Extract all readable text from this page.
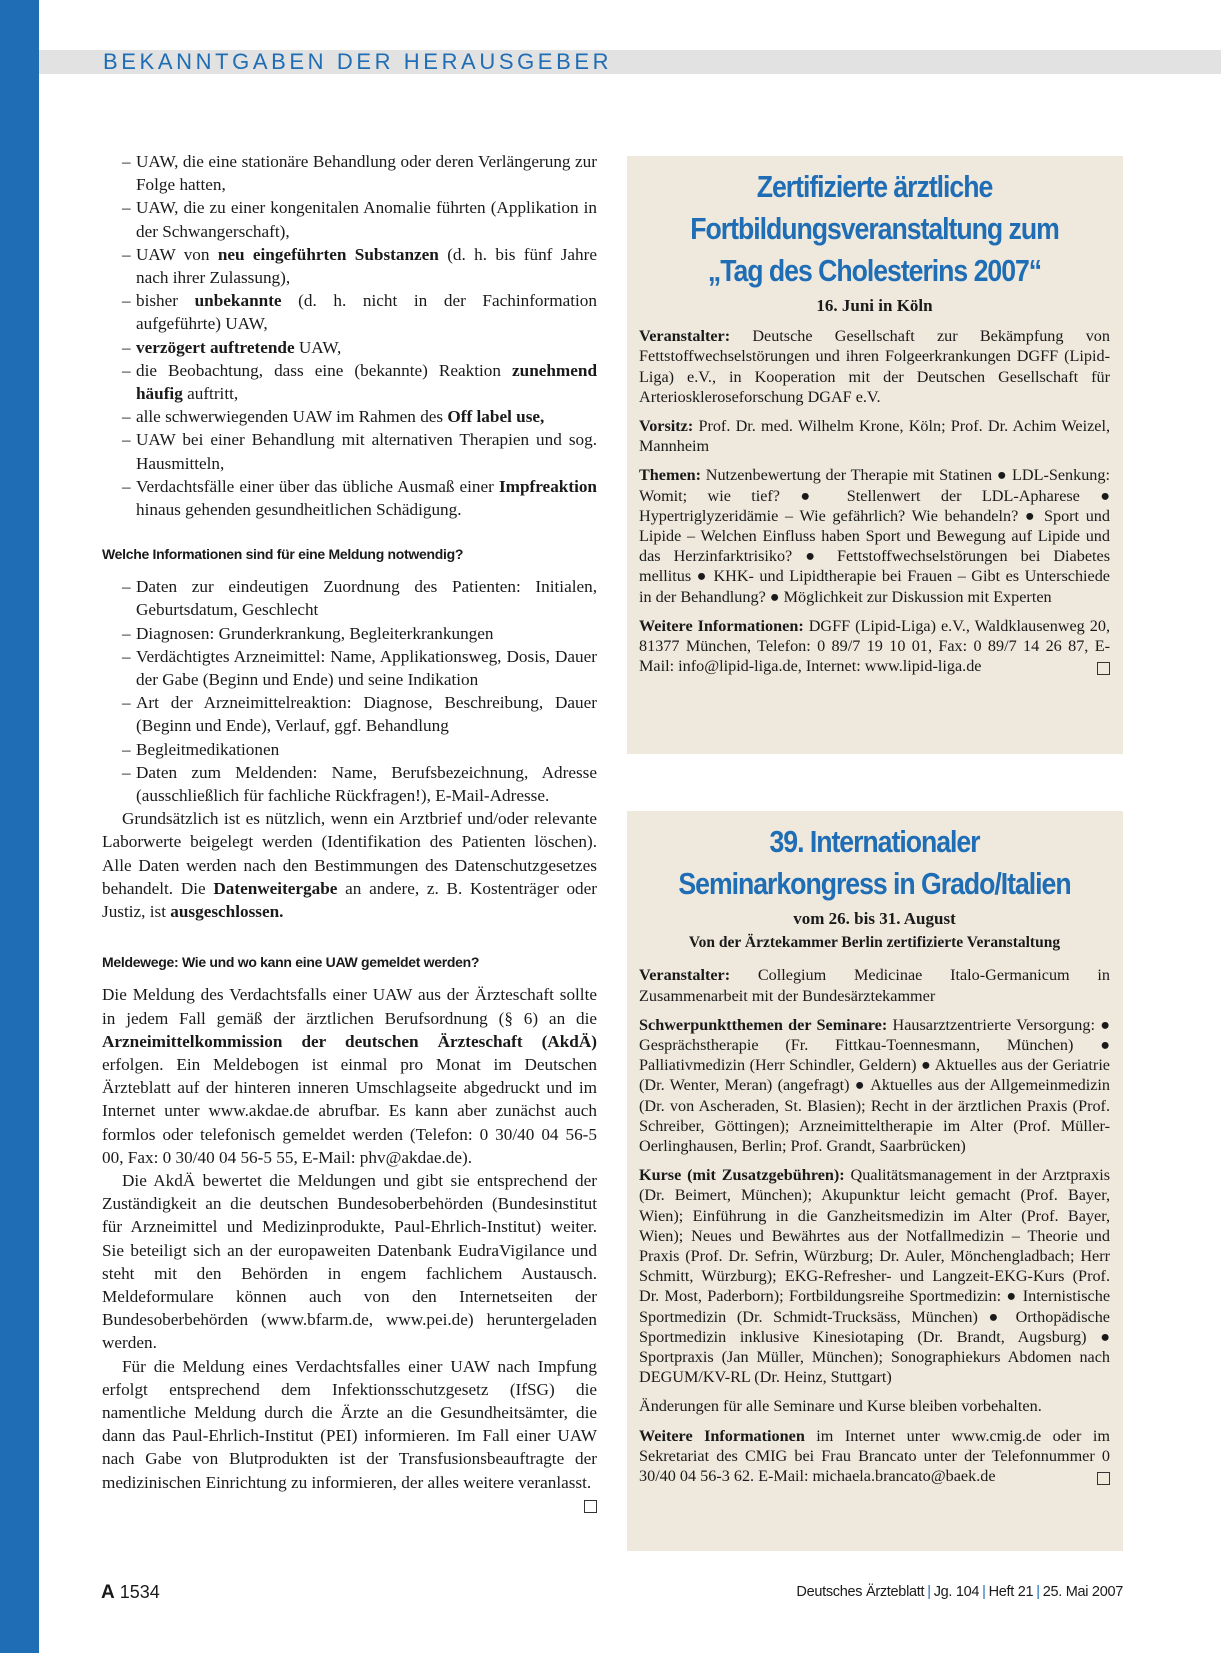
BEKANNTGABEN DER HERAUSGEBER
– UAW, die eine stationäre Behandlung oder deren Verlängerung zur Folge hatten,
– UAW, die zu einer kongenitalen Anomalie führten (Applikation in der Schwangerschaft),
– UAW von neu eingeführten Substanzen (d. h. bis fünf Jahre nach ihrer Zulassung),
– bisher unbekannte (d. h. nicht in der Fachinformation aufgeführte) UAW,
– verzögert auftretende UAW,
– die Beobachtung, dass eine (bekannte) Reaktion zunehmend häufig auftritt,
– alle schwerwiegenden UAW im Rahmen des Off label use,
– UAW bei einer Behandlung mit alternativen Therapien und sog. Hausmitteln,
– Verdachtsfälle einer über das übliche Ausmaß einer Impfreaktion hinaus gehenden gesundheitlichen Schädigung.
Welche Informationen sind für eine Meldung notwendig?
– Daten zur eindeutigen Zuordnung des Patienten: Initialen, Geburtsdatum, Geschlecht
– Diagnosen: Grunderkrankung, Begleiterkrankungen
– Verdächtigtes Arzneimittel: Name, Applikationsweg, Dosis, Dauer der Gabe (Beginn und Ende) und seine Indikation
– Art der Arzneimittelreaktion: Diagnose, Beschreibung, Dauer (Beginn und Ende), Verlauf, ggf. Behandlung
– Begleitmedikationen
– Daten zum Meldenden: Name, Berufsbezeichnung, Adresse (ausschließlich für fachliche Rückfragen!), E-Mail-Adresse.

Grundsätzlich ist es nützlich, wenn ein Arztbrief und/oder relevante Laborwerte beigelegt werden (Identifikation des Patienten löschen). Alle Daten werden nach den Bestimmungen des Datenschutzgesetzes behandelt. Die Datenweitergabe an andere, z. B. Kostenträger oder Justiz, ist ausgeschlossen.

Meldewege: Wie und wo kann eine UAW gemeldet werden?

Die Meldung des Verdachtsfalls einer UAW aus der Ärzteschaft sollte in jedem Fall gemäß der ärztlichen Berufsordnung (§ 6) an die Arzneimittelkommission der deutschen Ärzteschaft (AkdÄ) erfolgen. Ein Meldebogen ist einmal pro Monat im Deutschen Ärzteblatt auf der hinteren inneren Umschlagseite abgedruckt und im Internet unter www.akdae.de abrufbar. Es kann aber zunächst auch formlos oder telefonisch gemeldet werden (Telefon: 0 30/40 04 56-5 00, Fax: 0 30/40 04 56-5 55, E-Mail: phv@akdae.de).

Die AkdÄ bewertet die Meldungen und gibt sie entsprechend der Zuständigkeit an die deutschen Bundesoberbehörden (Bundesinstitut für Arzneimittel und Medizinprodukte, Paul-Ehrlich-Institut) weiter. Sie beteiligt sich an der europaweiten Datenbank EudraVigilance und steht mit den Behörden in engem fachlichem Austausch. Meldeformulare können auch von den Internetseiten der Bundesoberbehörden (www.bfarm.de, www.pei.de) heruntergeladen werden.

Für die Meldung eines Verdachtsfalles einer UAW nach Impfung erfolgt entsprechend dem Infektionsschutzgesetz (IfSG) die namentliche Meldung durch die Ärzte an die Gesundheitsämter, die dann das Paul-Ehrlich-Institut (PEI) informieren. Im Fall einer UAW nach Gabe von Blutprodukten ist der Transfusionsbeauftragte der medizinischen Einrichtung zu informieren, der alles weitere veranlasst.

Zertifizierte ärztliche Fortbildungsveranstaltung zum „Tag des Cholesterins 2007“
16. Juni in Köln

Veranstalter: Deutsche Gesellschaft zur Bekämpfung von Fettstoffwechselstörungen und ihren Folgeerkrankungen DGFF (Lipid-Liga) e.V., in Kooperation mit der Deutschen Gesellschaft für Arterioskleroseforschung DGAF e.V.

Vorsitz: Prof. Dr. med. Wilhelm Krone, Köln; Prof. Dr. Achim Weizel, Mannheim

Themen: Nutzenbewertung der Therapie mit Statinen ● LDL-Senkung: Womit; wie tief? ● Stellenwert der LDL-Apharese ● Hypertriglyzeridämie – Wie gefährlich? Wie behandeln? ● Sport und Lipide – Welchen Einfluss haben Sport und Bewegung auf Lipide und das Herzinfarktrisiko? ● Fettstoffwechselstörungen bei Diabetes mellitus ● KHK- und Lipidtherapie bei Frauen – Gibt es Unterschiede in der Behandlung? ● Möglichkeit zur Diskussion mit Experten

Weitere Informationen: DGFF (Lipid-Liga) e.V., Waldklausenweg 20, 81377 München, Telefon: 0 89/7 19 10 01, Fax: 0 89/7 14 26 87, E-Mail: info@lipid-liga.de, Internet: www.lipid-liga.de

39. Internationaler Seminarkongress in Grado/Italien
vom 26. bis 31. August
Von der Ärztekammer Berlin zertifizierte Veranstaltung

Veranstalter: Collegium Medicinae Italo-Germanicum in Zusammenarbeit mit der Bundesärztekammer

Schwerpunktthemen der Seminare: Hausarztzentrierte Versorgung: ● Gesprächstherapie (Fr. Fittkau-Toennesmann, München) ● Palliativmedizin (Herr Schindler, Geldern) ● Aktuelles aus der Geriatrie (Dr. Wenter, Meran) (angefragt) ● Aktuelles aus der Allgemeinmedizin (Dr. von Ascheraden, St. Blasien); Recht in der ärztlichen Praxis (Prof. Schreiber, Göttingen); Arzneimitteltherapie im Alter (Prof. Müller-Oerlinghausen, Berlin; Prof. Grandt, Saarbrücken)

Kurse (mit Zusatzgebühren): Qualitätsmanagement in der Arztpraxis (Dr. Beimert, München); Akupunktur leicht gemacht (Prof. Bayer, Wien); Einführung in die Ganzheitsmedizin im Alter (Prof. Bayer, Wien); Neues und Bewährtes aus der Notfallmedizin – Theorie und Praxis (Prof. Dr. Sefrin, Würzburg; Dr. Auler, Mönchengladbach; Herr Schmitt, Würzburg); EKG-Refresher- und Langzeit-EKG-Kurs (Prof. Dr. Most, Paderborn); Fortbildungsreihe Sportmedizin: ● Internistische Sportmedizin (Dr. Schmidt-Trucksäss, München) ● Orthopädische Sportmedizin inklusive Kinesiotaping (Dr. Brandt, Augsburg) ● Sportpraxis (Jan Müller, München); Sonographiekurs Abdomen nach DEGUM/KV-RL (Dr. Heinz, Stuttgart)

Änderungen für alle Seminare und Kurse bleiben vorbehalten.

Weitere Informationen im Internet unter www.cmig.de oder im Sekretariat des CMIG bei Frau Brancato unter der Telefonnummer 0 30/40 04 56-3 62. E-Mail: michaela.brancato@baek.de

A 1534	Deutsches Ärzteblatt | Jg. 104 | Heft 21 | 25. Mai 2007
